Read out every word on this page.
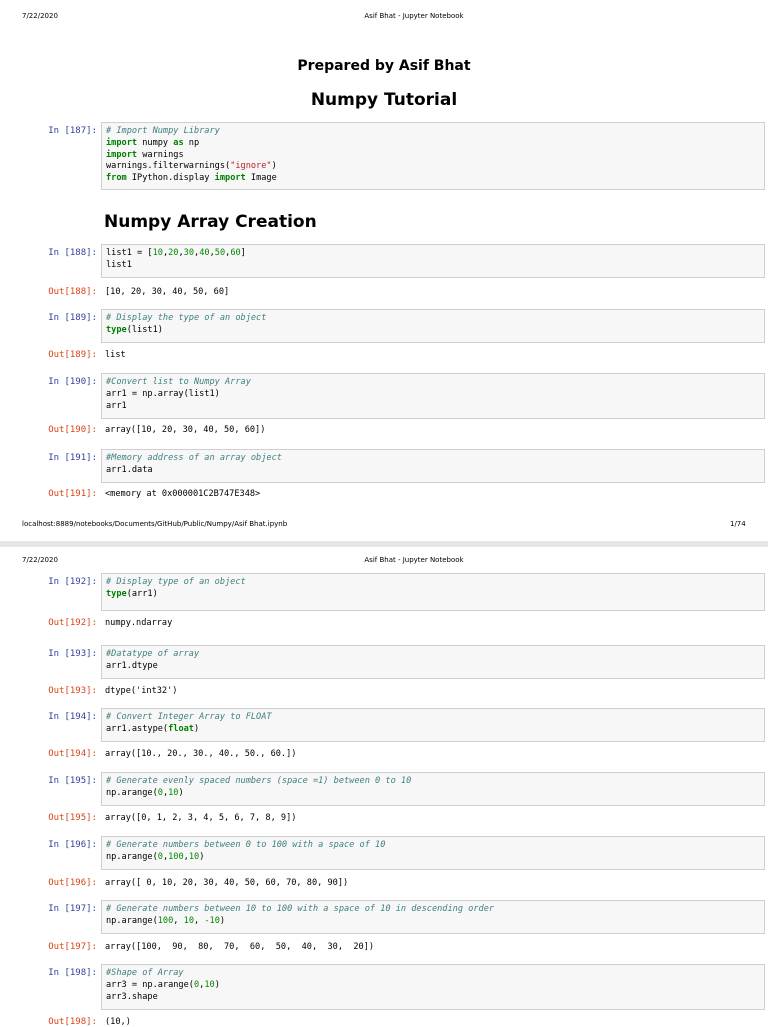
7/22/2020	Asif Bhat - Jupyter Notebook
Prepared by Asif Bhat
Numpy Tutorial
Numpy Array Creation
localhost:8889/notebooks/Documents/GitHub/Public/Numpy/Asif Bhat.ipynb	1/74
7/22/2020	Asif Bhat - Jupyter Notebook
In [187]: # Import Numpy Library
import numpy as np
import warnings
warnings.filterwarnings("ignore")
from IPython.display import Image
In [188]: list1 = [10,20,30,40,50,60]
list1
Out[188]: [10, 20, 30, 40, 50, 60]
In [189]: # Display the type of an object
type(list1)
Out[189]: list
In [190]: #Convert list to Numpy Array
arr1 = np.array(list1)
arr1
Out[190]: array([10, 20, 30, 40, 50, 60])
In [191]: #Memory address of an array object
arr1.data
Out[191]: <memory at 0x000001C2B747E348>
In [192]: # Display type of an object
type(arr1)
Out[192]: numpy.ndarray
In [193]: #Datatype of array
arr1.dtype
Out[193]: dtype('int32')
In [194]: # Convert Integer Array to FLOAT
arr1.astype(float)
Out[194]: array([10., 20., 30., 40., 50., 60.])
In [195]: # Generate evenly spaced numbers (space =1) between 0 to 10
np.arange(0,10)
Out[195]: array([0, 1, 2, 3, 4, 5, 6, 7, 8, 9])
In [196]: # Generate numbers between 0 to 100 with a space of 10
np.arange(0,100,10)
Out[196]: array([ 0, 10, 20, 30, 40, 50, 60, 70, 80, 90])
In [197]: # Generate numbers between 10 to 100 with a space of 10 in descending order
np.arange(100, 10, -10)
Out[197]: array([100,  90,  80,  70,  60,  50,  40,  30,  20])
In [198]: #Shape of Array
arr3 = np.arange(0,10)
arr3.shape
Out[198]: (10,)
